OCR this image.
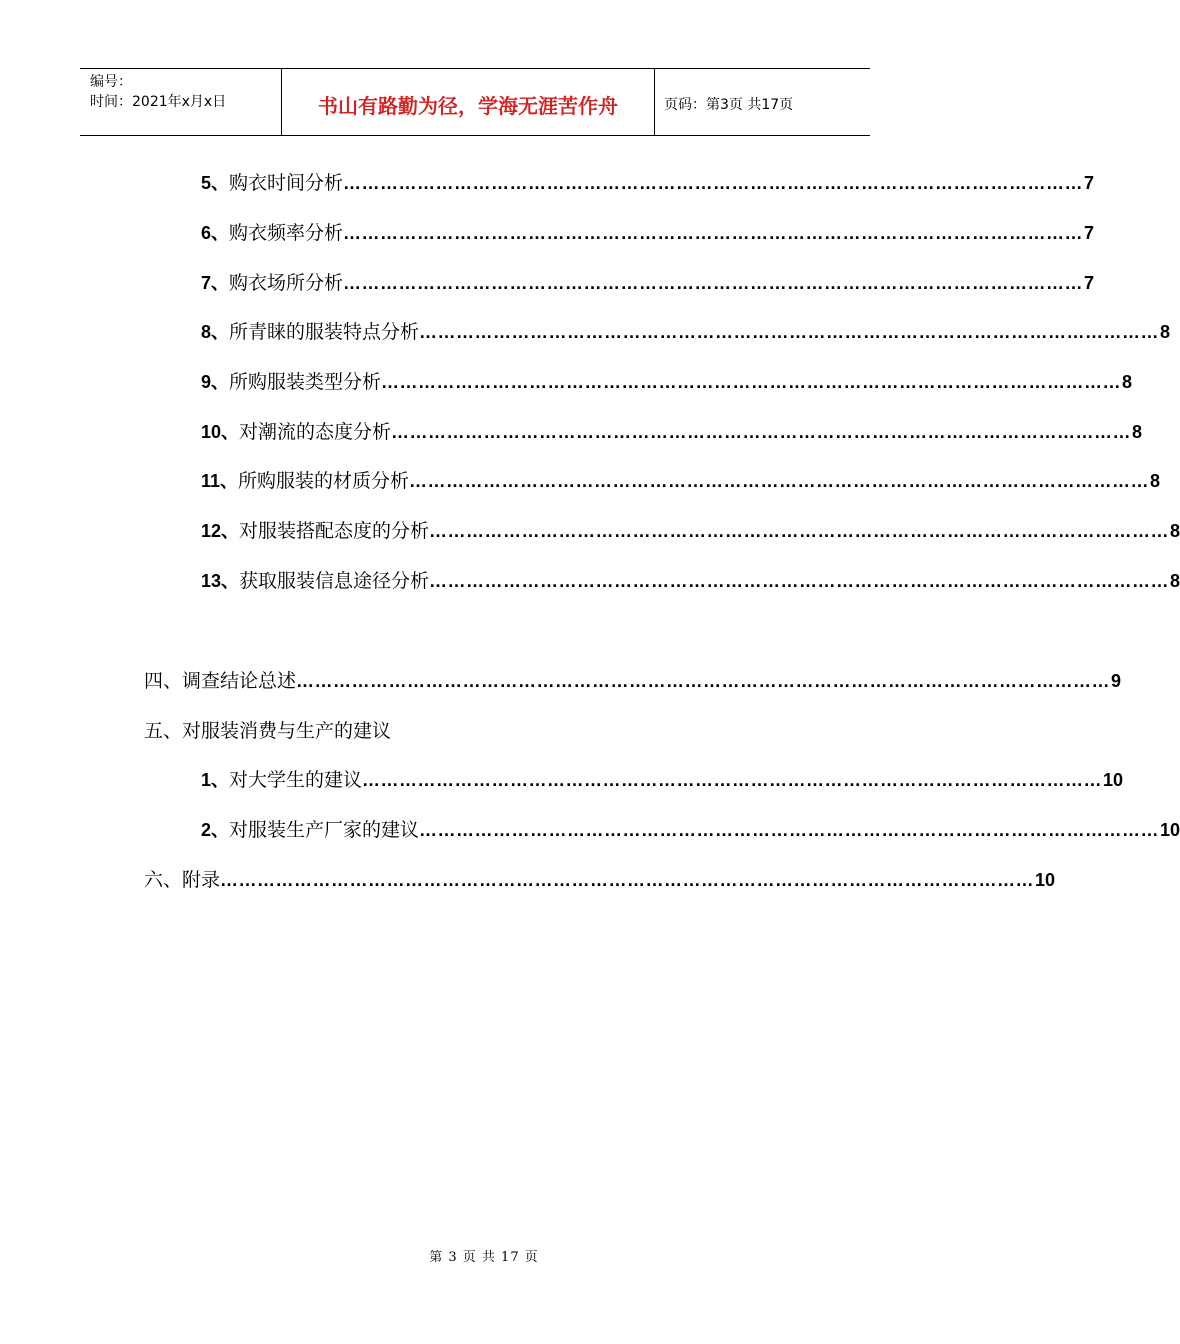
编号：
时间：2021年x月x日	书山有路勤为径，学海无涯苦作舟	页码：第3页 共17页
5、 购衣时间分析 ………………………………………………………………………………………………………… 7
6、 购衣频率分析 ………………………………………………………………………………………………………… 7
7、 购衣场所分析 ………………………………………………………………………………………………………… 7
8、 所青睐的服装特点分析 ………………………………………………………………………………………………………… 8
9、 所购服装类型分析 ………………………………………………………………………………………………………… 8
10、 对潮流的态度分析 ………………………………………………………………………………………………………… 8
11、 所购服装的材质分析 ………………………………………………………………………………………………………… 8
12、 对服装搭配态度的分析 ………………………………………………………………………………………………………… 8
13、 获取服装信息途径分析 ………………………………………………………………………………………………………… 8
四、调查结论总述 …………………………………………………………………………………………………………………… 9
五、对服装消费与生产的建议
1、 对大学生的建议 ………………………………………………………………………………………………………… 10
2、 对服装生产厂家的建议 ………………………………………………………………………………………………………… 10
六、附录 …………………………………………………………………………………………………………………… 10
第 3 页 共 17 页
